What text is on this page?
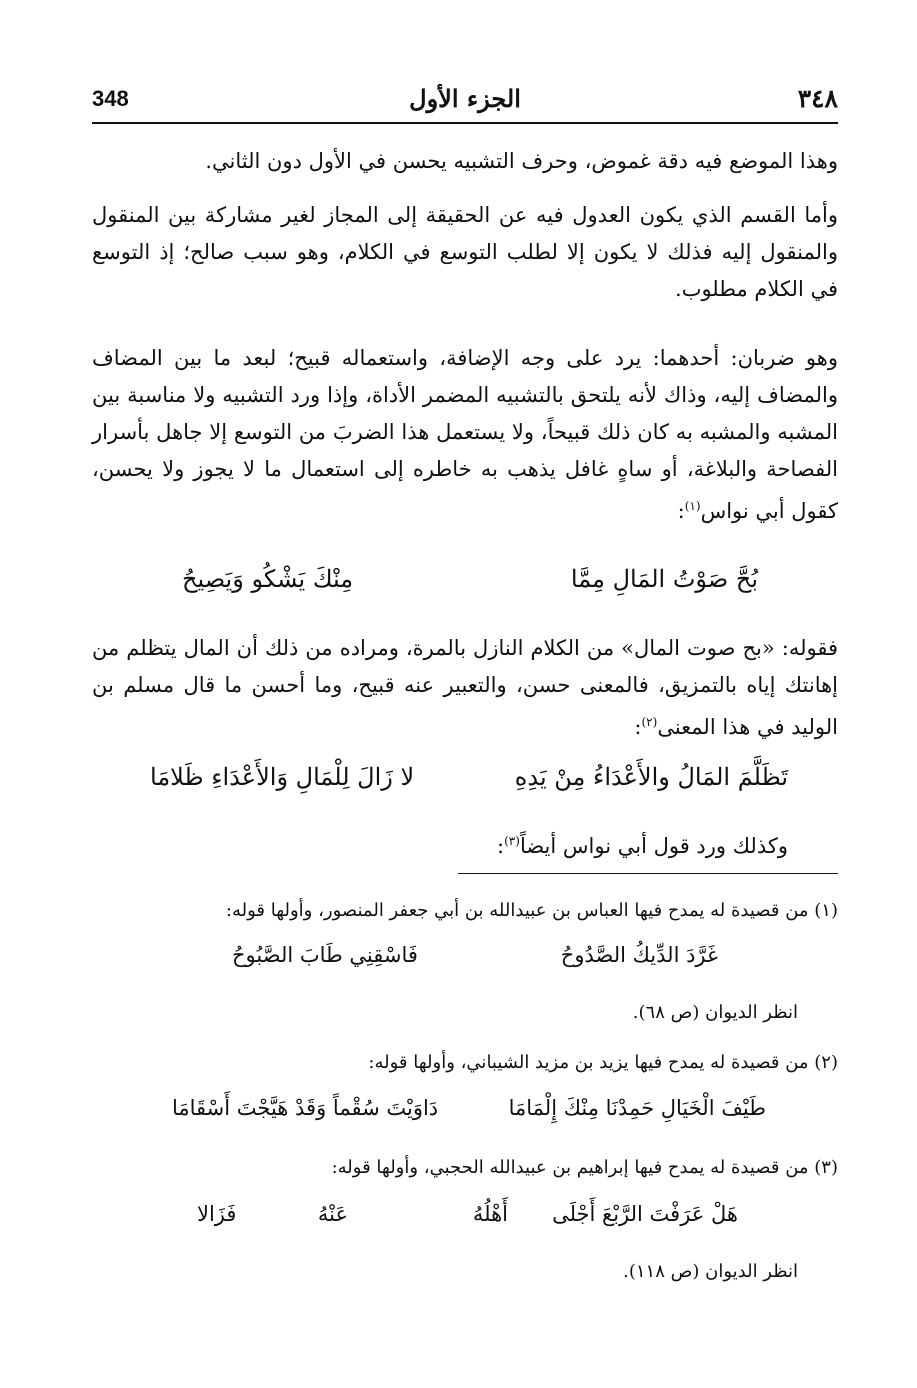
٣٤٨
الجزء الأول
348

وهذا الموضع فيه دقة غموض، وحرف التشبيه يحسن في الأول دون الثاني.

وأما القسم الذي يكون العدول فيه عن الحقيقة إلى المجاز لغير مشاركة بين المنقول والمنقول إليه فذلك لا يكون إلا لطلب التوسع في الكلام، وهو سبب صالح؛ إذ التوسع في الكلام مطلوب.

وهو ضربان: أحدهما: يرد على وجه الإضافة، واستعماله قبيح؛ لبعد ما بين المضاف والمضاف إليه، وذاك لأنه يلتحق بالتشبيه المضمر الأداة، وإذا ورد التشبيه ولا مناسبة بين المشبه والمشبه به كان ذلك قبيحاً، ولا يستعمل هذا الضربَ من التوسع إلا جاهل بأسرار الفصاحة والبلاغة، أو ساهٍ غافل يذهب به خاطره إلى استعمال ما لا يجوز ولا يحسن، كقول أبي نواس$^{(١)}$:

بُحَّ صَوْتُ المَالِ مِمَّا
مِنْكَ يَشْكُو وَيَصِيحُ

فقوله: «بح صوت المال» من الكلام النازل بالمرة، ومراده من ذلك أن المال يتظلم من إهانتك إياه بالتمزيق، فالمعنى حسن، والتعبير عنه قبيح، وما أحسن ما قال مسلم بن الوليد في هذا المعنى$^{(٢)}$:

تَظَلَّمَ المَالُ والأَعْدَاءُ مِنْ يَدِهِ
لا زَالَ لِلْمَالِ وَالأَعْدَاءِ ظَلامَا

وكذلك ورد قول أبي نواس أيضاً$^{(٣)}$:

(١) من قصيدة له يمدح فيها العباس بن عبيدالله بن أبي جعفر المنصور، وأولها قوله:
غَرَّدَ الدِّيكُ الصَّدُوحُ
فَاسْقِنِي طَابَ الصَّبُوحُ
انظر الديوان (ص ٦٨).
(٢) من قصيدة له يمدح فيها يزيد بن مزيد الشيباني، وأولها قوله:
طَيْفَ الْخَيَالِ حَمِدْنَا مِنْكَ إِلْمَامَا
دَاوَيْتَ سُقْماً وَقَدْ هَيَّجْتَ أَسْقَامَا
(٣) من قصيدة له يمدح فيها إبراهيم بن عبيدالله الحجبي، وأولها قوله:
هَلْ عَرَفْتَ الرَّبْعَ أَجْلَى
أَهْلُهُ
عَنْهُ
فَزَالا
انظر الديوان (ص ١١٨).
